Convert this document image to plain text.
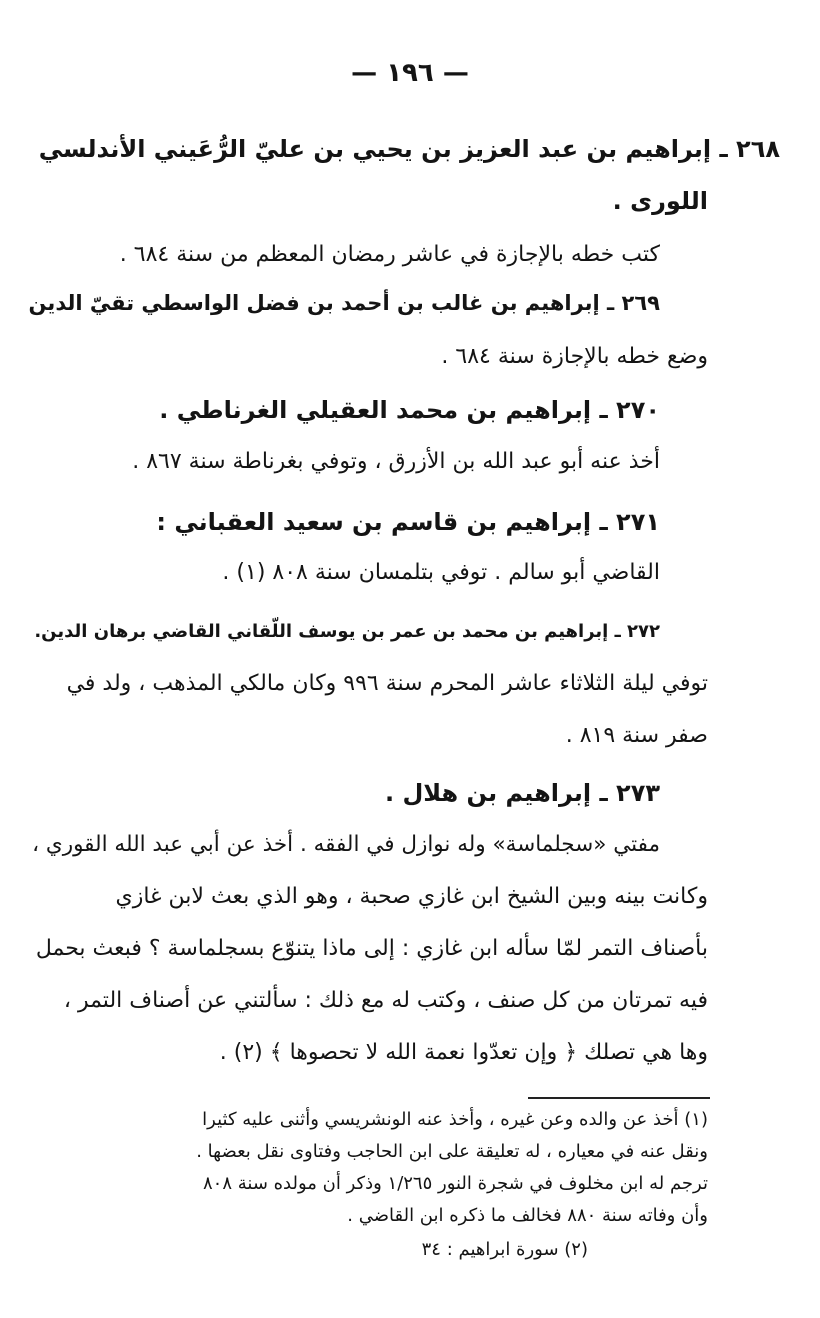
— ١٩٦ —
٢٦٨ ـ إبراهيم بن عبد العزيز بن يحيي بن عليّ الرُّعَيني الأندلسي
اللورى .
كتب خطه بالإجازة في عاشر رمضان المعظم من سنة ٦٨٤ .
٢٦٩ ـ إبراهيم بن غالب بن أحمد بن فضل الواسطي تقيّ الدين
وضع خطه بالإجازة سنة ٦٨٤ .
٢٧٠ ـ إبراهيم بن محمد العقيلي الغرناطي .
أخذ عنه أبو عبد الله بن الأزرق ، وتوفي بغرناطة سنة ٨٦٧ .
٢٧١ ـ إبراهيم بن قاسم بن سعيد العقباني :
القاضي أبو سالم . توفي بتلمسان سنة ٨٠٨ (١) .
٢٧٢ ـ إبراهيم بن محمد بن عمر بن يوسف اللّقاني القاضي برهان الدين.
توفي ليلة الثلاثاء عاشر المحرم سنة ٩٩٦ وكان مالكي المذهب ، ولد في
صفر سنة ٨١٩ .
٢٧٣ ـ إبراهيم بن هلال .
مفتي «سجلماسة» وله نوازل في الفقه . أخذ عن أبي عبد الله القوري ،
وكانت بينه وبين الشيخ ابن غازي صحبة ، وهو الذي بعث لابن غازي
بأصناف التمر لمّا سأله ابن غازي : إلى ماذا يتنوّع بسجلماسة ؟ فبعث بحمل
فيه تمرتان من كل صنف ، وكتب له مع ذلك : سألتني عن أصناف التمر ،
وها هي تصلك ﴿ وإن تعدّوا نعمة الله لا تحصوها ﴾ (٢) .
(١) أخذ عن والده وعن غيره ، وأخذ عنه الونشريسي وأثنى عليه كثيرا
ونقل عنه في معياره ، له تعليقة على ابن الحاجب وفتاوى نقل بعضها .
ترجم له ابن مخلوف في شجرة النور ١/٢٦٥ وذكر أن مولده سنة ٨٠٨
وأن وفاته سنة ٨٨٠ فخالف ما ذكره ابن القاضي .
(٢) سورة ابراهيم : ٣٤
